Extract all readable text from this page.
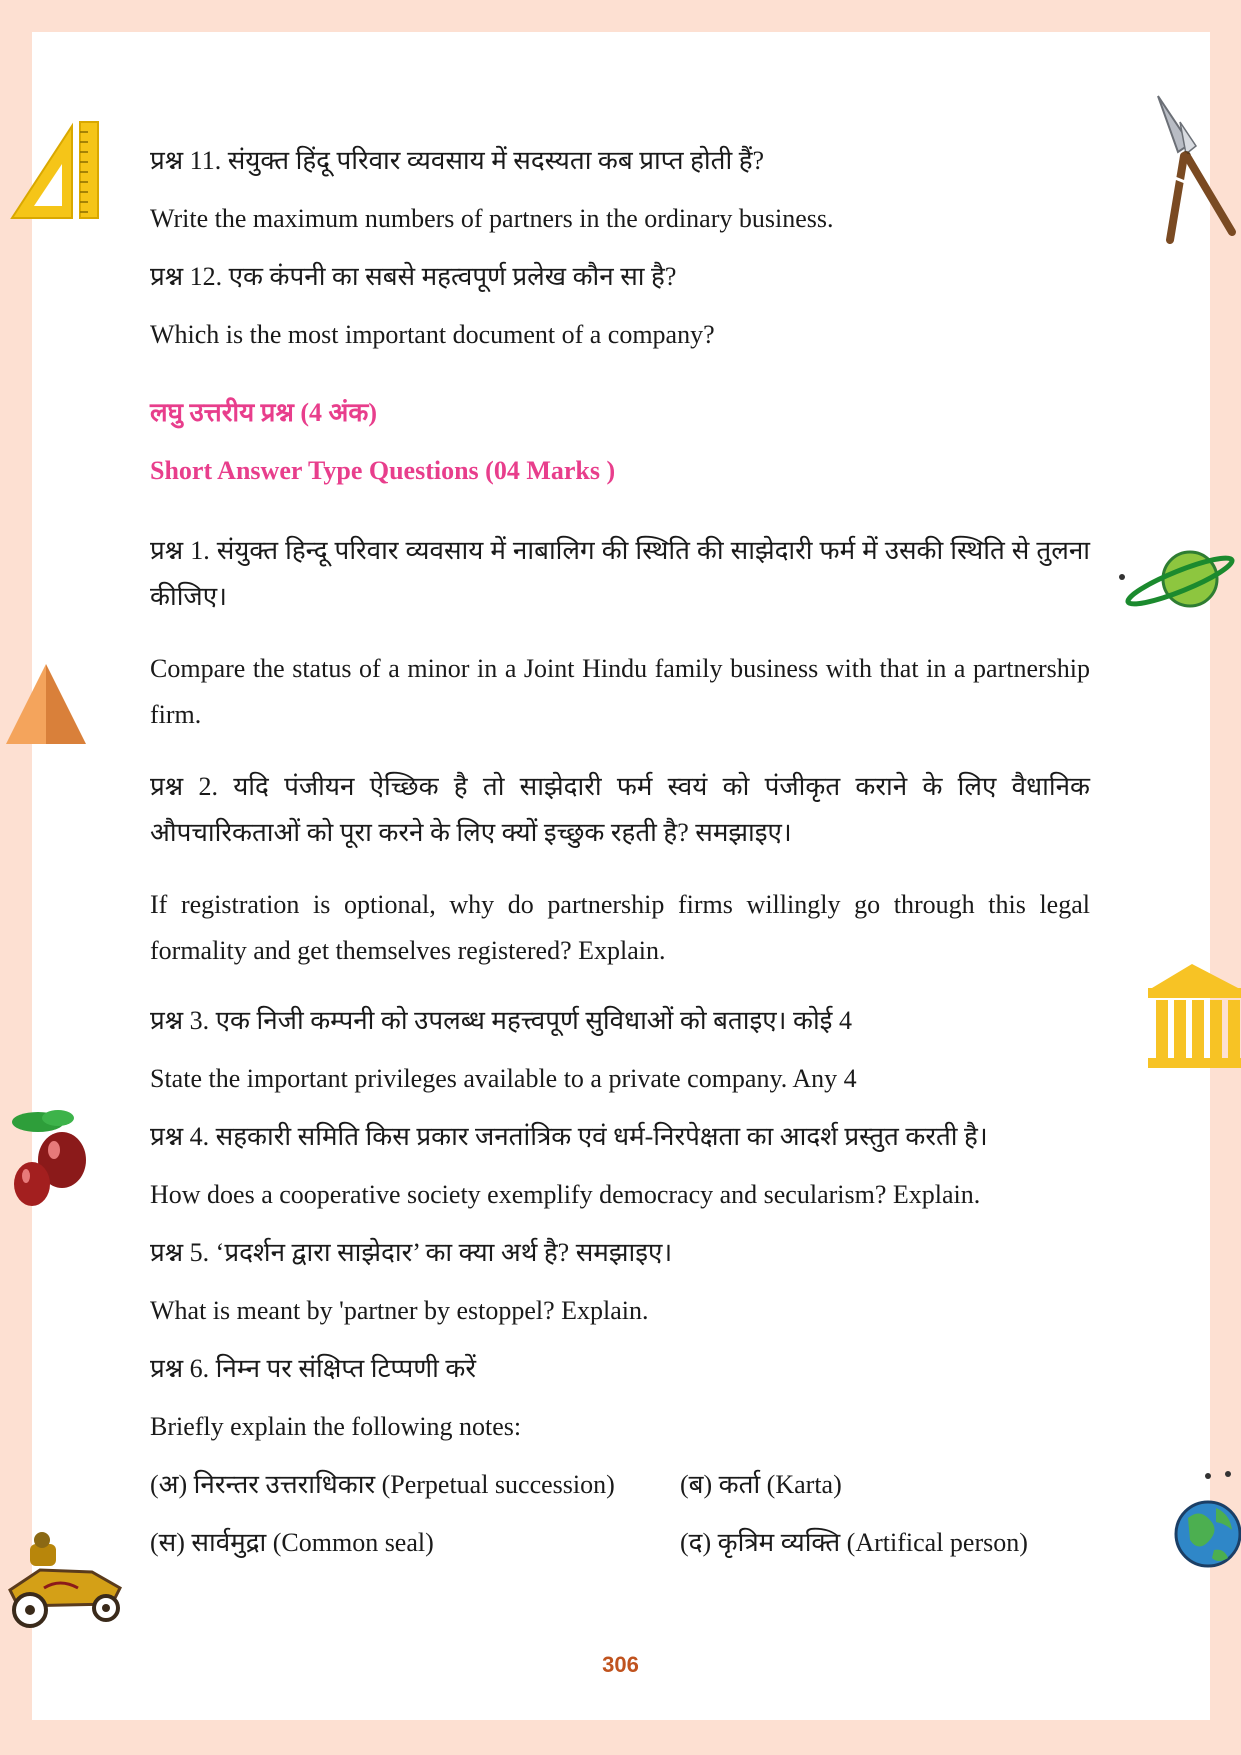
प्रश्न 11. संयुक्त हिंदू परिवार व्यवसाय में सदस्यता कब प्राप्त होती हैं?

Write the maximum numbers of partners in the ordinary business.

प्रश्न 12. एक कंपनी का सबसे महत्वपूर्ण प्रलेख कौन सा है?

Which is the most important document of a company?

लघु उत्तरीय प्रश्न (4 अंक)

Short Answer Type Questions (04 Marks )

प्रश्न 1. संयुक्त हिन्दू परिवार व्यवसाय में नाबालिग की स्थिति की साझेदारी फर्म में उसकी स्थिति से तुलना कीजिए।

Compare the status of a minor in a Joint Hindu family business with that in a partnership firm.

प्रश्न 2. यदि पंजीयन ऐच्छिक है तो साझेदारी फर्म स्वयं को पंजीकृत कराने के लिए वैधानिक औपचारिकताओं को पूरा करने के लिए क्यों इच्छुक रहती है? समझाइए।

If registration is optional, why do partnership firms willingly go through this legal formality and get themselves registered? Explain.

प्रश्न 3. एक निजी कम्पनी को उपलब्ध महत्त्वपूर्ण सुविधाओं को बताइए। कोई 4

State the important privileges available to a private company. Any 4

प्रश्न 4. सहकारी समिति किस प्रकार जनतांत्रिक एवं धर्म-निरपेक्षता का आदर्श प्रस्तुत करती है।

How does a cooperative society exemplify democracy and secularism? Explain.

प्रश्न 5. ‘प्रदर्शन द्वारा साझेदार’ का क्या अर्थ है? समझाइए।

What is meant by 'partner by estoppel? Explain.

प्रश्न 6. निम्न पर संक्षिप्त टिप्पणी करें

Briefly explain the following notes:

(अ) निरन्तर उत्तराधिकार (Perpetual succession)	(ब) कर्ता (Karta)
(स) सार्वमुद्रा (Common seal)	(द) कृत्रिम व्यक्ति (Artifical person)
306
